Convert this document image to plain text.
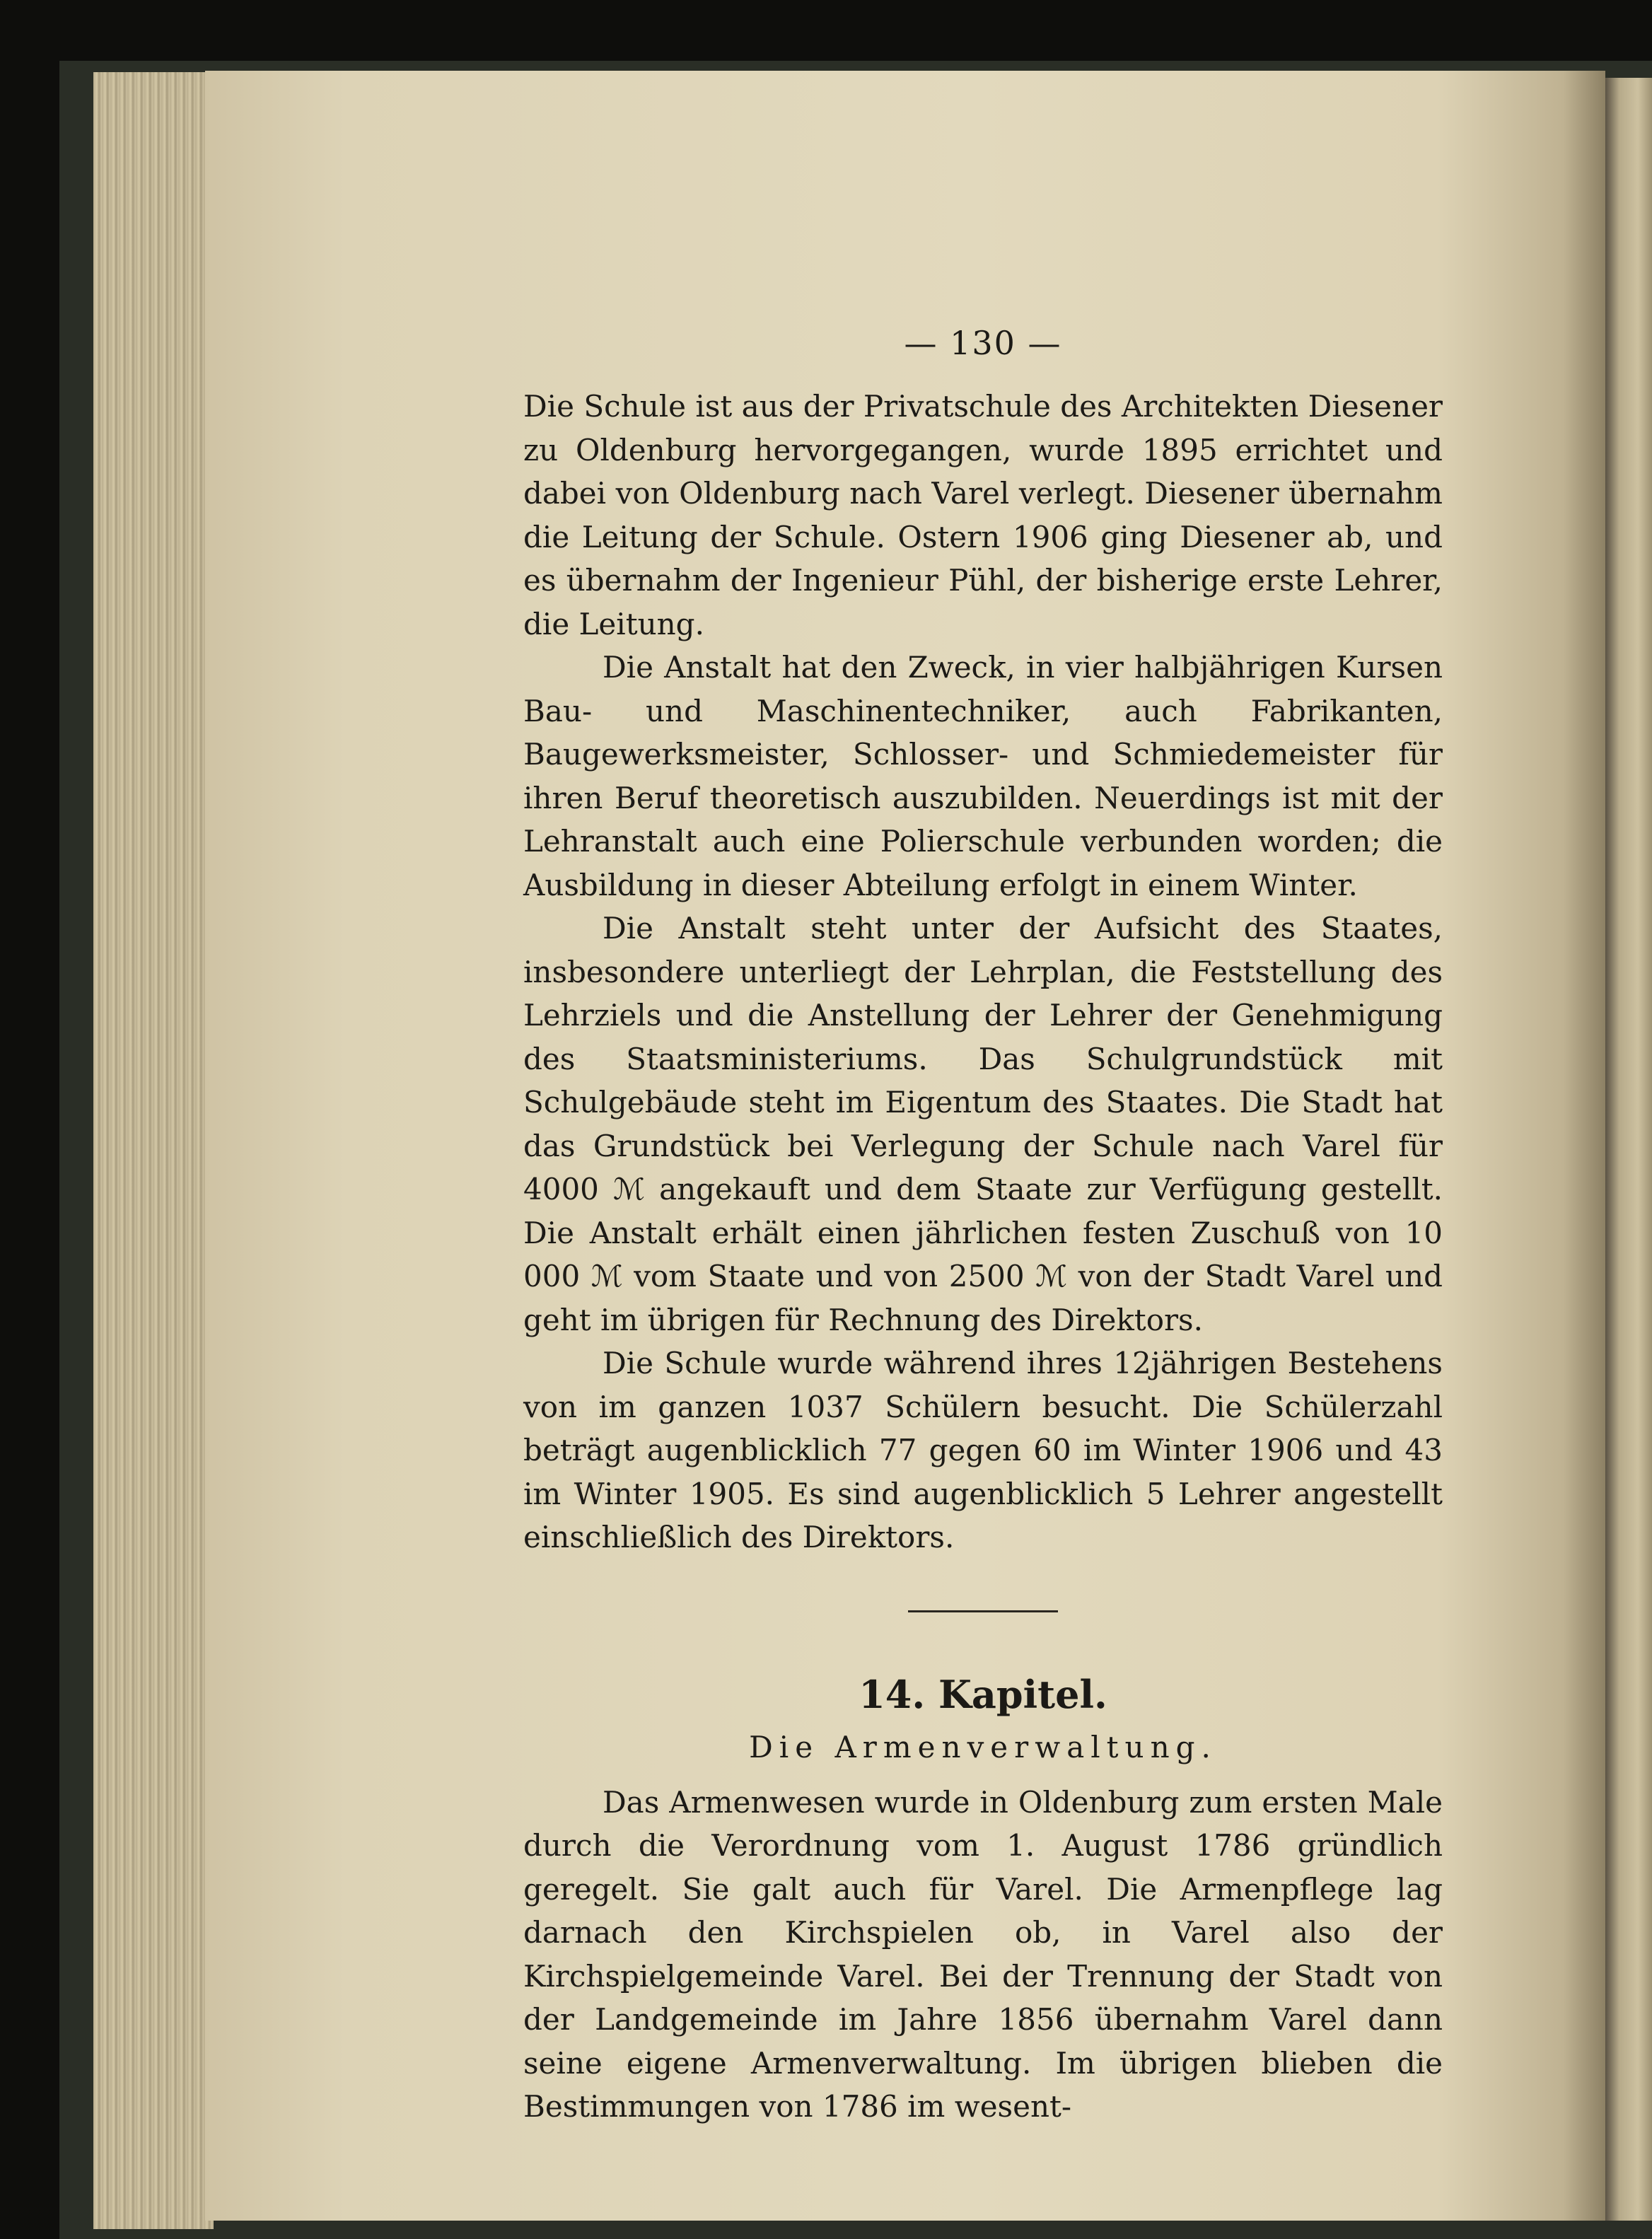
— 130 —

Die Schule ist aus der Privatschule des Architekten Diesener zu Oldenburg hervorgegangen, wurde 1895 errichtet und dabei von Oldenburg nach Varel verlegt. Diesener übernahm die Leitung der Schule. Ostern 1906 ging Diesener ab, und es übernahm der Ingenieur Pühl, der bisherige erste Lehrer, die Leitung.

Die Anstalt hat den Zweck, in vier halbjährigen Kursen Bau- und Maschinentechniker, auch Fabrikanten, Baugewerksmeister, Schlosser- und Schmiedemeister für ihren Beruf theoretisch auszubilden. Neuerdings ist mit der Lehranstalt auch eine Polierschule verbunden worden; die Ausbildung in dieser Abteilung erfolgt in einem Winter.

Die Anstalt steht unter der Aufsicht des Staates, insbesondere unterliegt der Lehrplan, die Feststellung des Lehrziels und die Anstellung der Lehrer der Genehmigung des Staatsministeriums. Das Schulgrundstück mit Schulgebäude steht im Eigentum des Staates. Die Stadt hat das Grundstück bei Verlegung der Schule nach Varel für 4000 ℳ angekauft und dem Staate zur Verfügung gestellt. Die Anstalt erhält einen jährlichen festen Zuschuß von 10 000 ℳ vom Staate und von 2500 ℳ von der Stadt Varel und geht im übrigen für Rechnung des Direktors.

Die Schule wurde während ihres 12jährigen Bestehens von im ganzen 1037 Schülern besucht. Die Schülerzahl beträgt augenblicklich 77 gegen 60 im Winter 1906 und 43 im Winter 1905. Es sind augenblicklich 5 Lehrer angestellt einschließlich des Direktors.

14. Kapitel.
Die Armenverwaltung.

Das Armenwesen wurde in Oldenburg zum ersten Male durch die Verordnung vom 1. August 1786 gründlich geregelt. Sie galt auch für Varel. Die Armenpflege lag darnach den Kirchspielen ob, in Varel also der Kirchspielgemeinde Varel. Bei der Trennung der Stadt von der Landgemeinde im Jahre 1856 übernahm Varel dann seine eigene Armenverwaltung. Im übrigen blieben die Bestimmungen von 1786 im wesent-
